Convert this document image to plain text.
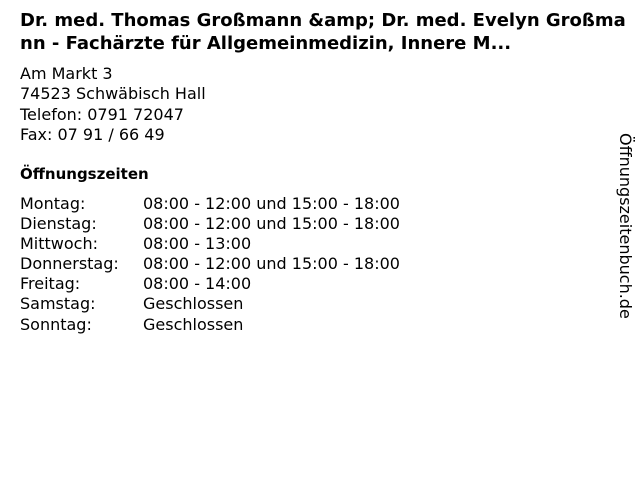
Dr. med. Thomas Großmann &amp; Dr. med. Evelyn Großmann - Fachärzte für Allgemeinmedizin, Innere M...
Am Markt 3
74523 Schwäbisch Hall
Telefon: 0791 72047
Fax: 07 91 / 66 49
Öffnungszeiten
Montag:	08:00 - 12:00 und 15:00 - 18:00
Dienstag:	08:00 - 12:00 und 15:00 - 18:00
Mittwoch:	08:00 - 13:00
Donnerstag:	08:00 - 12:00 und 15:00 - 18:00
Freitag:	08:00 - 14:00
Samstag:	Geschlossen
Sonntag:	Geschlossen
Öffnungszeitenbuch.de
